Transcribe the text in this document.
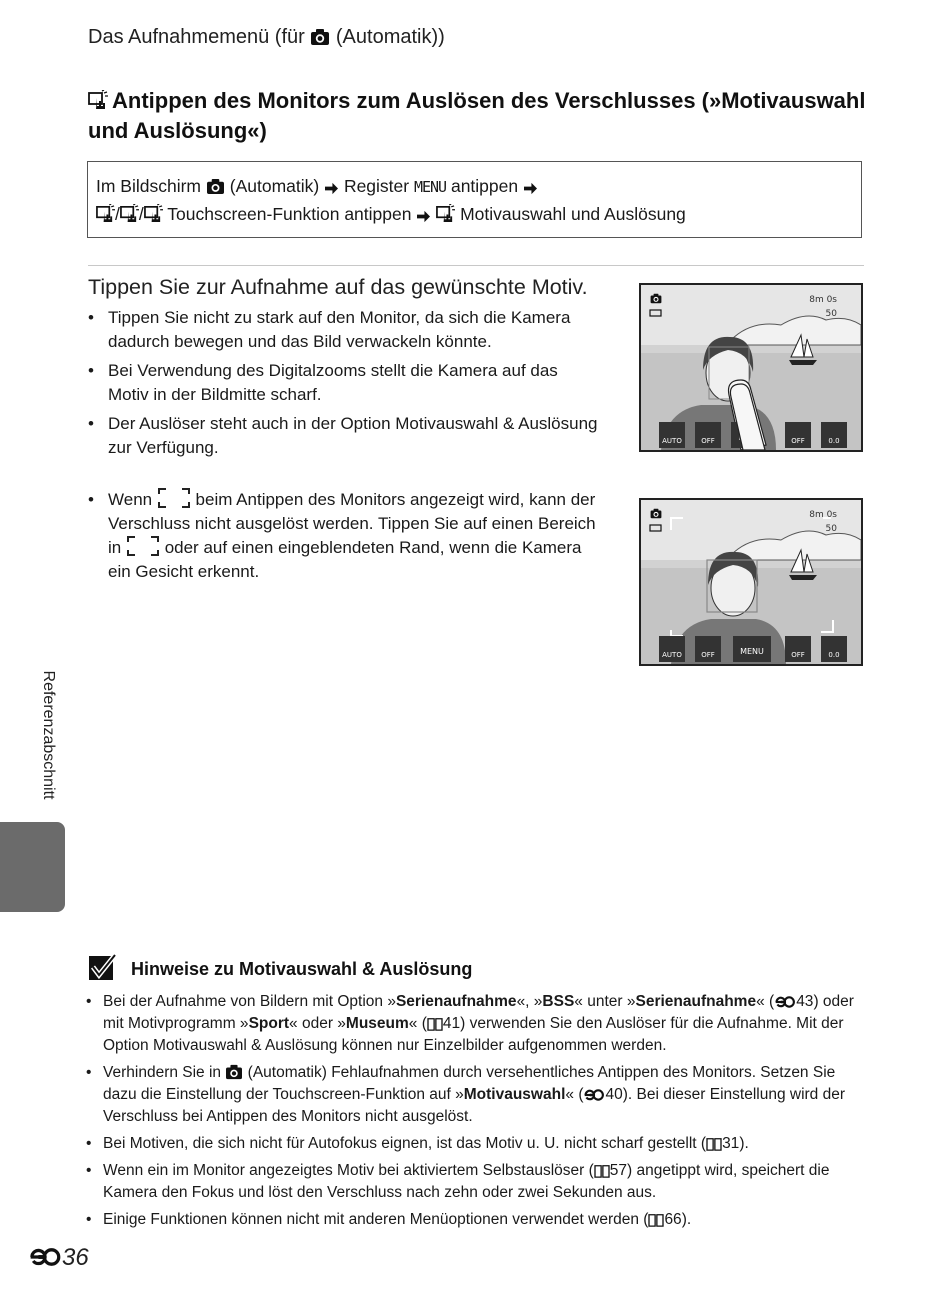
Das Aufnahmemenü (für  (Automatik))
Antippen des Monitors zum Auslösen des Verschlusses (»Motivauswahl und Auslösung«)
Im Bildschirm  (Automatik)  Register MENU antippen
/ / Touchscreen-Funktion antippen   Motivauswahl und Auslösung
Tippen Sie zur Aufnahme auf das gewünschte Motiv.
• Tippen Sie nicht zu stark auf den Monitor, da sich die Kamera dadurch bewegen und das Bild verwackeln könnte.
• Bei Verwendung des Digitalzooms stellt die Kamera auf das Motiv in der Bildmitte scharf.
• Der Auslöser steht auch in der Option Motivauswahl & Auslösung zur Verfügung.
• Wenn  beim Antippen des Monitors angezeigt wird, kann der Verschluss nicht ausgelöst werden. Tippen Sie auf einen Bereich in  oder auf einen eingeblendeten Rand, wenn die Kamera ein Gesicht erkennt.
8m 0s
50
AUTO	OFF	OFF	0.0
8m 0s
50
AUTO	OFF	MENU	OFF	0.0
Referenzabschnitt
Hinweise zu Motivauswahl & Auslösung
• Bei der Aufnahme von Bildern mit Option »Serienaufnahme«, »BSS« unter »Serienaufnahme« ( 43) oder mit Motivprogramm »Sport« oder »Museum« ( 41) verwenden Sie den Auslöser für die Aufnahme. Mit der Option Motivauswahl & Auslösung können nur Einzelbilder aufgenommen werden.
• Verhindern Sie in  (Automatik) Fehlaufnahmen durch versehentliches Antippen des Monitors. Setzen Sie dazu die Einstellung der Touchscreen-Funktion auf »Motivauswahl« ( 40). Bei dieser Einstellung wird der Verschluss bei Antippen des Monitors nicht ausgelöst.
• Bei Motiven, die sich nicht für Autofokus eignen, ist das Motiv u. U. nicht scharf gestellt ( 31).
• Wenn ein im Monitor angezeigtes Motiv bei aktiviertem Selbstauslöser ( 57) angetippt wird, speichert die Kamera den Fokus und löst den Verschluss nach zehn oder zwei Sekunden aus.
• Einige Funktionen können nicht mit anderen Menüoptionen verwendet werden ( 66).
36
